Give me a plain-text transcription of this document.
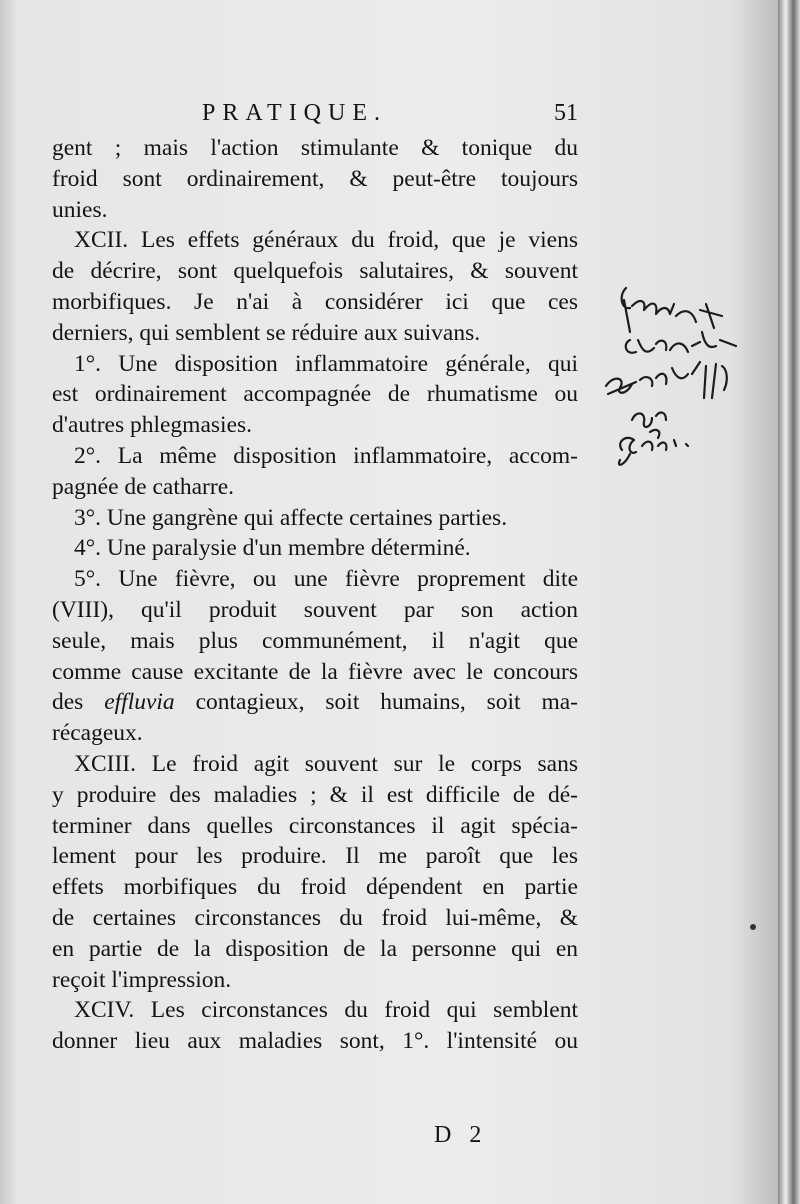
PRATIQUE.	51
gent ; mais l'action stimulante & tonique du
froid sont ordinairement, & peut-être toujours
unies.
XCII. Les effets généraux du froid, que je viens
de décrire, sont quelquefois salutaires, & souvent
morbifiques. Je n'ai à considérer ici que ces
derniers, qui semblent se réduire aux suivans.
1°. Une disposition inflammatoire générale, qui
est ordinairement accompagnée de rhumatisme ou
d'autres phlegmasies.
2°. La même disposition inflammatoire, accom-
pagnée de catharre.
3°. Une gangrène qui affecte certaines parties.
4°. Une paralysie d'un membre déterminé.
5°. Une fièvre, ou une fièvre proprement dite
(VIII), qu'il produit souvent par son action
seule, mais plus communément, il n'agit que
comme cause excitante de la fièvre avec le concours
des effluvia contagieux, soit humains, soit ma-
récageux.
XCIII. Le froid agit souvent sur le corps sans
y produire des maladies ; & il est difficile de dé-
terminer dans quelles circonstances il agit spécia-
lement pour les produire. Il me paroît que les
effets morbifiques du froid dépendent en partie
de certaines circonstances du froid lui-même, &
en partie de la disposition de la personne qui en
reçoit l'impression.
XCIV. Les circonstances du froid qui semblent
donner lieu aux maladies sont, 1°. l'intensité ou
D 2
